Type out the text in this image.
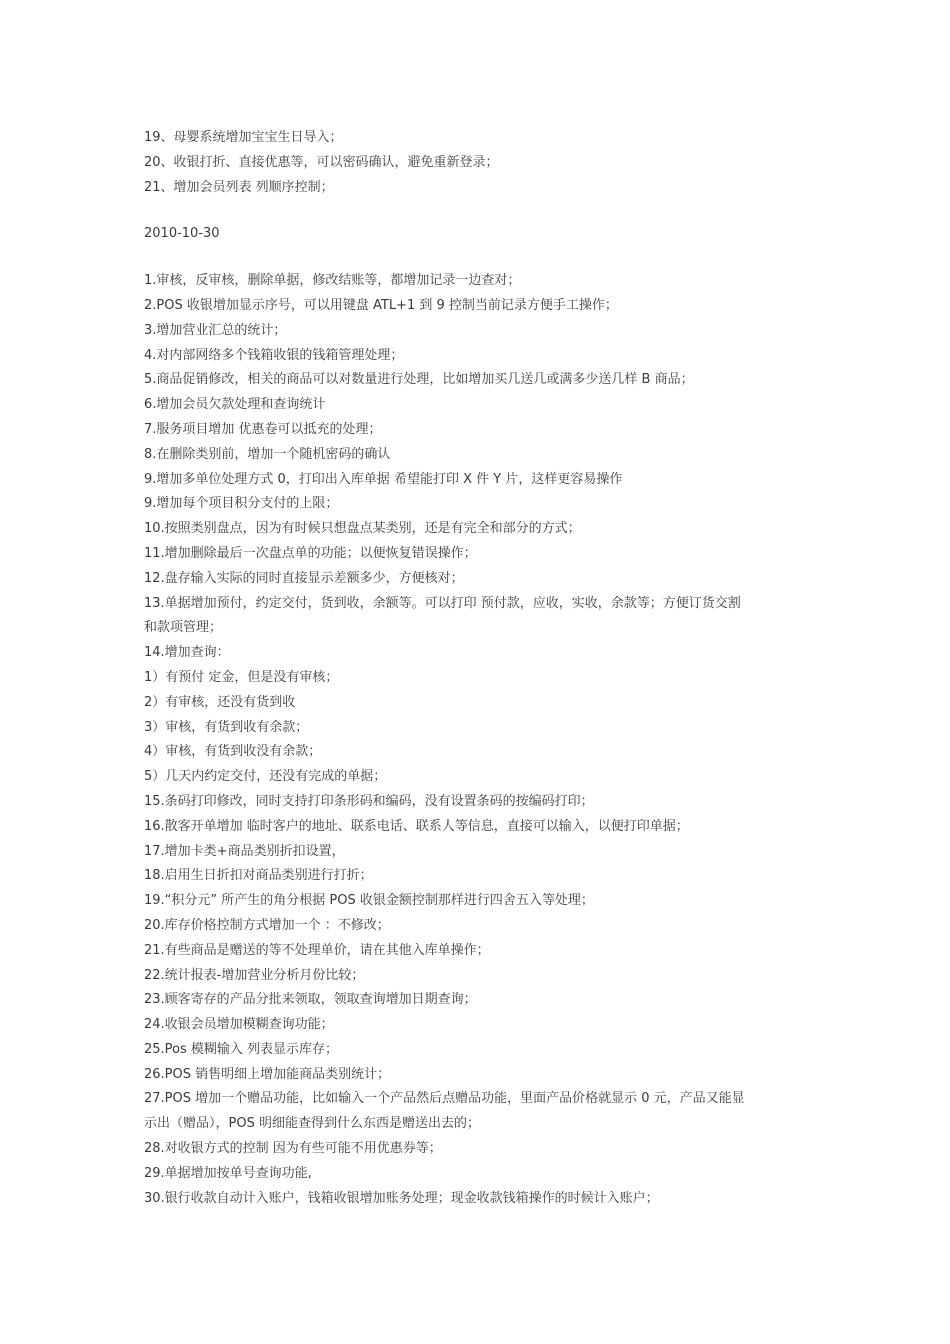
19、母婴系统增加宝宝生日导入；
20、收银打折、直接优惠等，可以密码确认，避免重新登录；
21、增加会员列表 列顺序控制；
2010-10-30
1.审核，反审核，删除单据，修改结账等，都增加记录一边查对；
2.POS 收银增加显示序号，可以用键盘 ATL+1 到 9 控制当前记录方便手工操作；
3.增加营业汇总的统计；
4.对内部网络多个钱箱收银的钱箱管理处理；
5.商品促销修改，相关的商品可以对数量进行处理，比如增加买几送几或满多少送几样 B 商品；
6.增加会员欠款处理和查询统计
7.服务项目增加 优惠卷可以抵充的处理；
8.在删除类别前，增加一个随机密码的确认
9.增加多单位处理方式 0，打印出入库单据 希望能打印 X 件 Y 片，这样更容易操作
9.增加每个项目积分支付的上限；
10.按照类别盘点，因为有时候只想盘点某类别，还是有完全和部分的方式；
11.增加删除最后一次盘点单的功能；以便恢复错误操作；
12.盘存输入实际的同时直接显示差额多少，方便核对；
13.单据增加预付，约定交付，货到收，余额等。可以打印 预付款，应收，实收，余款等；方便订货交割
和款项管理；
14.增加查询：
1）有预付 定金，但是没有审核；
2）有审核，还没有货到收
3）审核，有货到收有余款；
4）审核，有货到收没有余款；
5）几天内约定交付，还没有完成的单据；
15.条码打印修改，同时支持打印条形码和编码，没有设置条码的按编码打印；
16.散客开单增加 临时客户的地址、联系电话、联系人等信息，直接可以输入，以便打印单据；
17.增加卡类+商品类别折扣设置，
18.启用生日折扣对商品类别进行打折；
19.“积分元” 所产生的角分根据 POS 收银金额控制那样进行四舍五入等处理；
20.库存价格控制方式增加一个 ：不修改；
21.有些商品是赠送的等不处理单价，请在其他入库单操作；
22.统计报表-增加营业分析月份比较；
23.顾客寄存的产品分批来领取，领取查询增加日期查询；
24.收银会员增加模糊查询功能；
25.Pos 模糊输入 列表显示库存；
26.POS 销售明细上增加能商品类别统计；
27.POS 增加一个赠品功能，比如输入一个产品然后点赠品功能，里面产品价格就显示 0 元，产品又能显
示出（赠品），POS 明细能查得到什么东西是赠送出去的；
28.对收银方式的控制 因为有些可能不用优惠券等；
29.单据增加按单号查询功能,
30.银行收款自动计入账户，钱箱收银增加账务处理；现金收款钱箱操作的时候计入账户；
